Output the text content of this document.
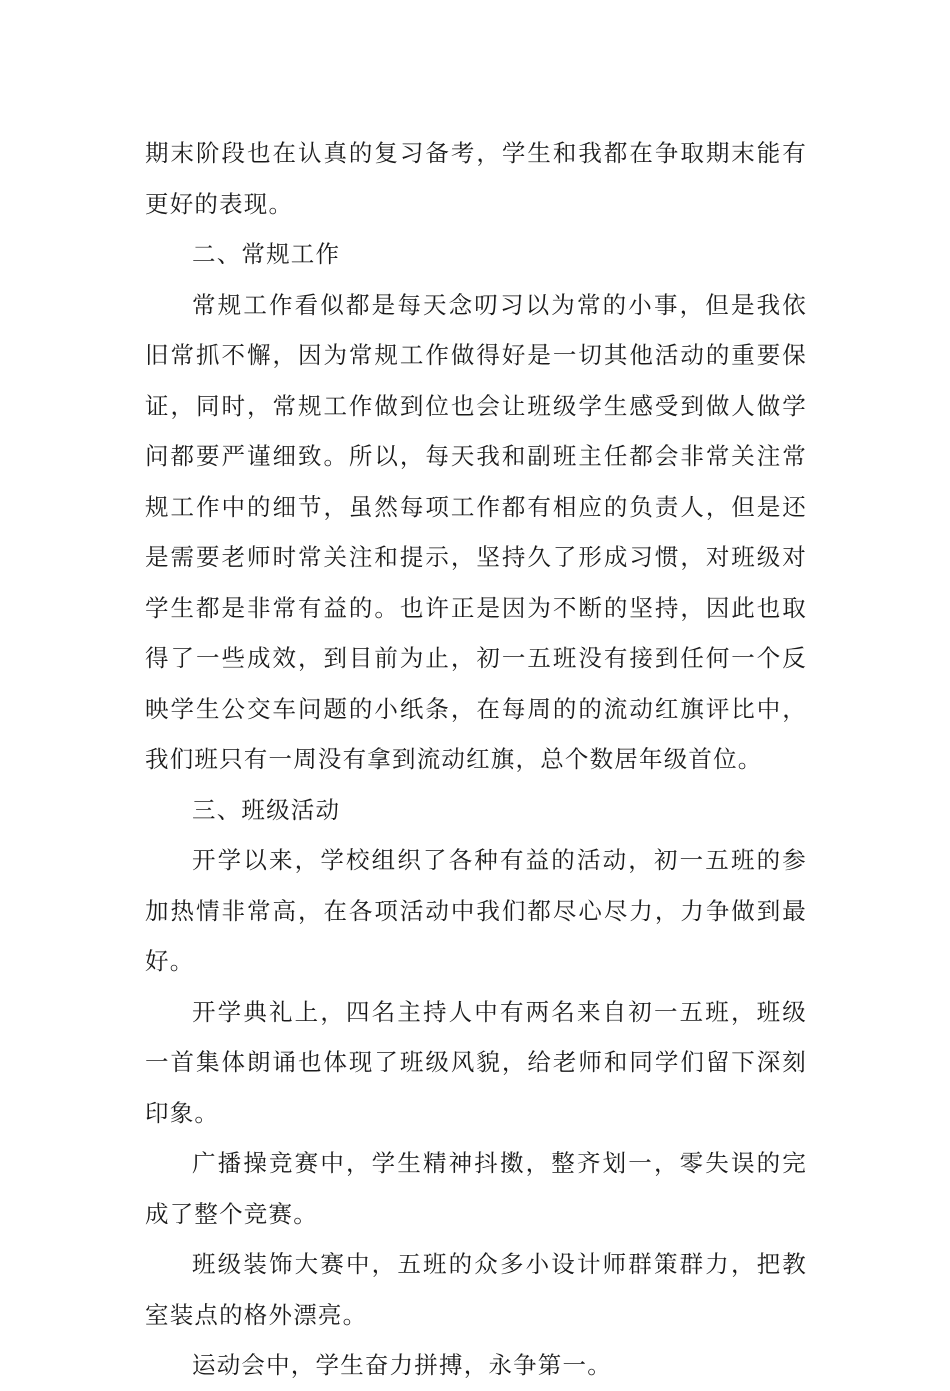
期末阶段也在认真的复习备考，学生和我都在争取期末能有更好的表现。

二、常规工作

常规工作看似都是每天念叨习以为常的小事，但是我依旧常抓不懈，因为常规工作做得好是一切其他活动的重要保证，同时，常规工作做到位也会让班级学生感受到做人做学问都要严谨细致。所以，每天我和副班主任都会非常关注常规工作中的细节，虽然每项工作都有相应的负责人，但是还是需要老师时常关注和提示，坚持久了形成习惯，对班级对学生都是非常有益的。也许正是因为不断的坚持，因此也取得了一些成效，到目前为止，初一五班没有接到任何一个反映学生公交车问题的小纸条，在每周的的流动红旗评比中，我们班只有一周没有拿到流动红旗，总个数居年级首位。

三、班级活动

开学以来，学校组织了各种有益的活动，初一五班的参加热情非常高，在各项活动中我们都尽心尽力，力争做到最好。

开学典礼上，四名主持人中有两名来自初一五班，班级一首集体朗诵也体现了班级风貌，给老师和同学们留下深刻印象。

广播操竞赛中，学生精神抖擞，整齐划一，零失误的完成了整个竞赛。

班级装饰大赛中，五班的众多小设计师群策群力，把教室装点的格外漂亮。

运动会中，学生奋力拼搏，永争第一。
